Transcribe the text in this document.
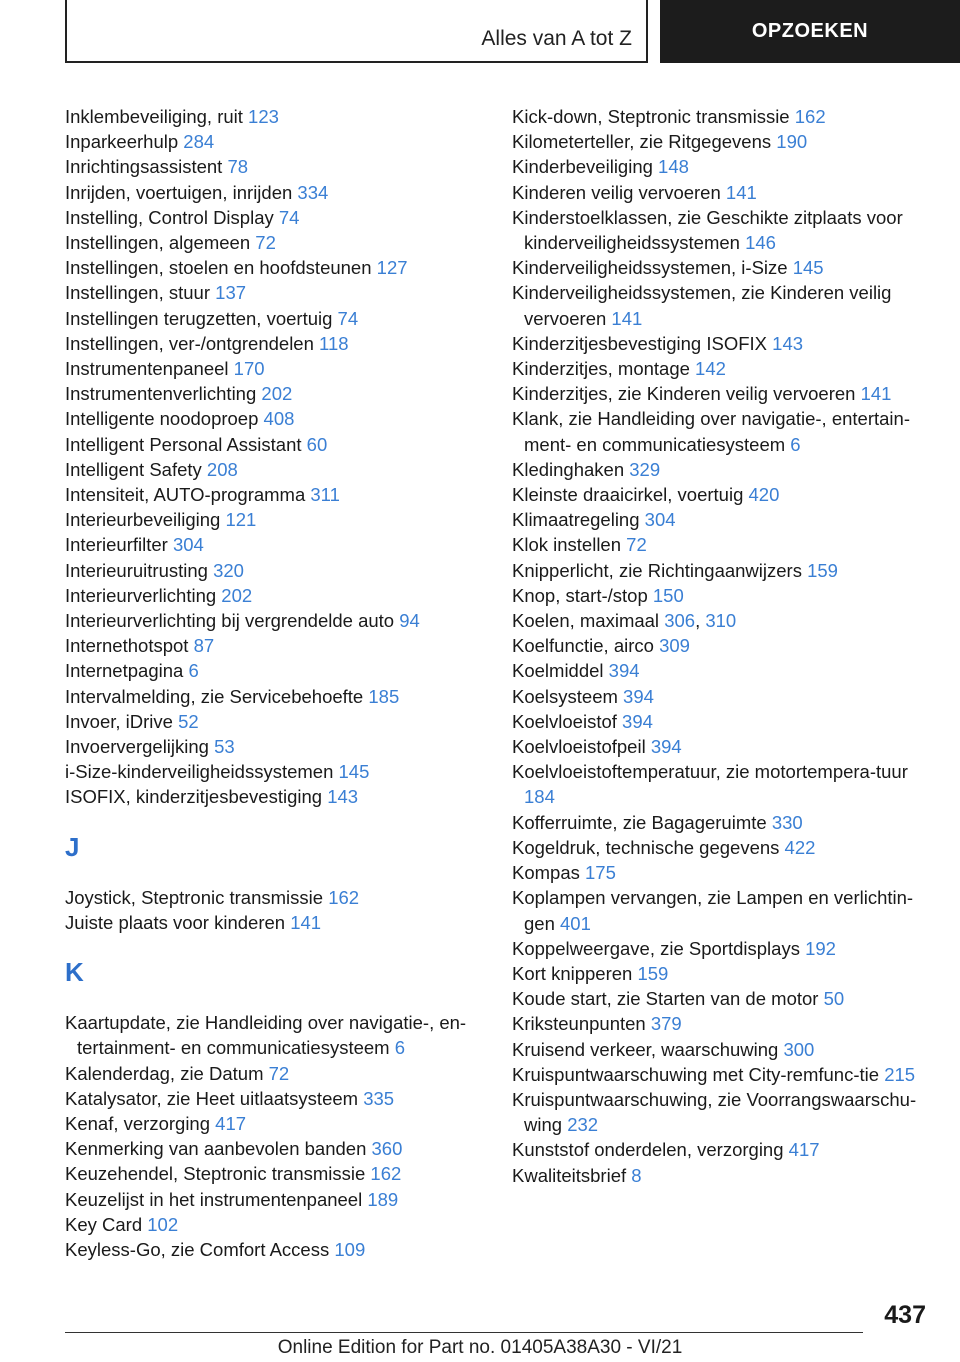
Alles van A tot Z	OPZOEKEN
Inklembeveiliging, ruit 123
Inparkeerhulp 284
Inrichtingsassistent 78
Inrijden, voertuigen, inrijden 334
Instelling, Control Display 74
Instellingen, algemeen 72
Instellingen, stoelen en hoofdsteunen 127
Instellingen, stuur 137
Instellingen terugzetten, voertuig 74
Instellingen, ver-/ontgrendelen 118
Instrumentenpaneel 170
Instrumentenverlichting 202
Intelligente noodoproep 408
Intelligent Personal Assistant 60
Intelligent Safety 208
Intensiteit, AUTO-programma 311
Interieurbeveiliging 121
Interieurfilter 304
Interieuruitrusting 320
Interieurverlichting 202
Interieurverlichting bij vergrendelde auto 94
Internethotspot 87
Internetpagina 6
Intervalmelding, zie Servicebehoefte 185
Invoer, iDrive 52
Invoervergelijking 53
i-Size-kinderveiligheidssystemen 145
ISOFIX, kinderzitjesbevestiging 143
J
Joystick, Steptronic transmissie 162
Juiste plaats voor kinderen 141
K
Kaartupdate, zie Handleiding over navigatie-, en-tertainment- en communicatiesysteem 6
Kalenderdag, zie Datum 72
Katalysator, zie Heet uitlaatsysteem 335
Kenaf, verzorging 417
Kenmerking van aanbevolen banden 360
Keuzehendel, Steptronic transmissie 162
Keuzelijst in het instrumentenpaneel 189
Key Card 102
Keyless-Go, zie Comfort Access 109
Kick-down, Steptronic transmissie 162
Kilometerteller, zie Ritgegevens 190
Kinderbeveiliging 148
Kinderen veilig vervoeren 141
Kinderstoelklassen, zie Geschikte zitplaats voor kinderveiligheidssystemen 146
Kinderveiligheidssystemen, i-Size 145
Kinderveiligheidssystemen, zie Kinderen veilig vervoeren 141
Kinderzitjesbevestiging ISOFIX 143
Kinderzitjes, montage 142
Kinderzitjes, zie Kinderen veilig vervoeren 141
Klank, zie Handleiding over navigatie-, entertain-ment- en communicatiesysteem 6
Kledinghaken 329
Kleinste draaicirkel, voertuig 420
Klimaatregeling 304
Klok instellen 72
Knipperlicht, zie Richtingaanwijzers 159
Knop, start-/stop 150
Koelen, maximaal 306, 310
Koelfunctie, airco 309
Koelmiddel 394
Koelsysteem 394
Koelvloeistof 394
Koelvloeistofpeil 394
Koelvloeistoftemperatuur, zie motortempera-tuur 184
Kofferruimte, zie Bagageruimte 330
Kogeldruk, technische gegevens 422
Kompas 175
Koplampen vervangen, zie Lampen en verlichtin-gen 401
Koppelweergave, zie Sportdisplays 192
Kort knipperen 159
Koude start, zie Starten van de motor 50
Kriksteunpunten 379
Kruisend verkeer, waarschuwing 300
Kruispuntwaarschuwing met City-remfunc-tie 215
Kruispuntwaarschuwing, zie Voorrangswaarschu-wing 232
Kunststof onderdelen, verzorging 417
Kwaliteitsbrief 8
437
Online Edition for Part no. 01405A38A30 - VI/21
